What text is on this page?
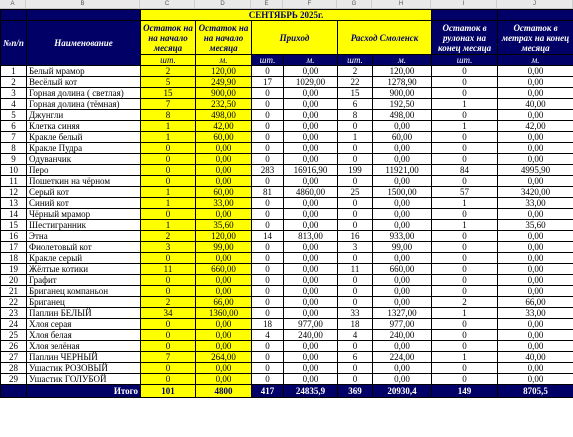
A	B	C	D	E	F	G	H	I	J
		СЕНТЯБРЬ 2025г.							
№п/п	Наименование	Остаток на на начало месяца	Остаток на на начало месяца	Приход		Расход Смоленск		Остаток в рулонах на конец месяца	Остаток в метрах на конец месяца
		шт.	м.	шт.	м.	шт.	м.	шт.	м.
1	Белый мрамор	2	120,00	0	0,00	2	120,00	0	0,00
2	Весёлый кот	5	249,90	17	1029,00	22	1278,90	0	0,00
3	Горная долина ( светлая)	15	900,00	0	0,00	15	900,00	0	0,00
4	Горная долина (тёмная)	7	232,50	0	0,00	6	192,50	1	40,00
5	Джунгли	8	498,00	0	0,00	8	498,00	0	0,00
6	Клетка синяя	1	42,00	0	0,00	0	0,00	1	42,00
7	Кракле белый	1	60,00	0	0,00	1	60,00	0	0,00
8	Кракле Пудра	0	0,00	0	0,00	0	0,00	0	0,00
9	Одуванчик	0	0,00	0	0,00	0	0,00	0	0,00
10	Перо	0	0,00	283	16916,90	199	11921,00	84	4995,90
11	Пошеткин на чёрном	0	0,00	0	0,00	0	0,00	0	0,00
12	Серый кот	1	60,00	81	4860,00	25	1500,00	57	3420,00
13	Синий кот	1	33,00	0	0,00	0	0,00	1	33,00
14	Чёрный мрамор	0	0,00	0	0,00	0	0,00	0	0,00
15	Шестигранник	1	35,60	0	0,00	0	0,00	1	35,60
16	Этна	2	120,00	14	813,00	16	933,00	0	0,00
17	Фиолетовый кот	3	99,00	0	0,00	3	99,00	0	0,00
18	Кракле серый	0	0,00	0	0,00	0	0,00	0	0,00
19	Жёлтые котики	11	660,00	0	0,00	11	660,00	0	0,00
20	Графит	0	0,00	0	0,00	0	0,00	0	0,00
21	Бриганец компаньон	0	0,00	0	0,00	0	0,00	0	0,00
22	Бриганец	2	66,00	0	0,00	0	0,00	2	66,00
23	Паплин БЕЛЫЙ	34	1360,00	0	0,00	33	1327,00	1	33,00
24	Хлоя серая	0	0,00	18	977,00	18	977,00	0	0,00
25	Хлоя белая	0	0,00	4	240,00	4	240,00	0	0,00
26	Хлоя зелёная	0	0,00	0	0,00	0	0,00	0	0,00
27	Паплин ЧЕРНЫЙ	7	264,00	0	0,00	6	224,00	1	40,00
28	Ушастик РОЗОВЫЙ	0	0,00	0	0,00	0	0,00	0	0,00
29	Ушастик ГОЛУБОЙ	0	0,00	0	0,00	0	0,00	0	0,00
	Итого	101	4800	417	24835,9	369	20930,4	149	8705,5
